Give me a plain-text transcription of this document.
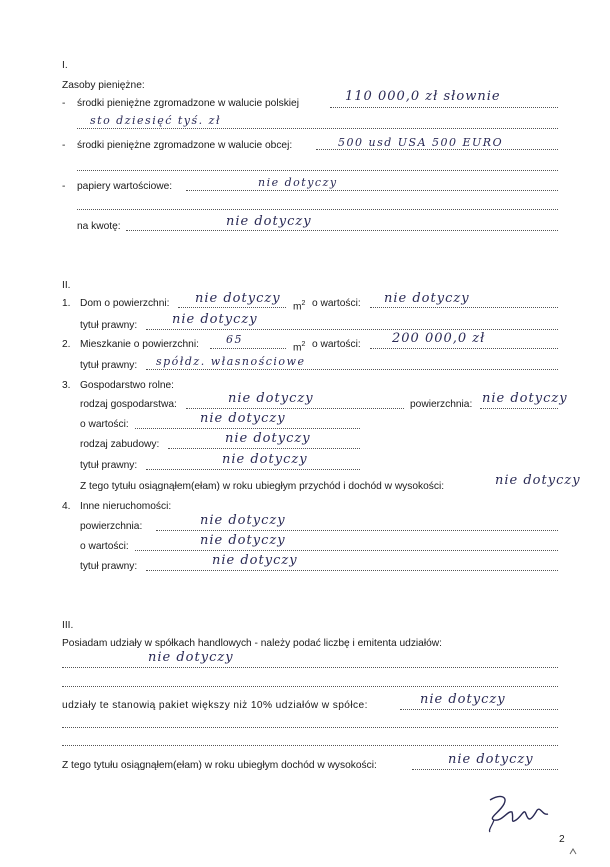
I.
Zasoby pieniężne:
- środki pieniężne zgromadzone w walucie polskiej	110 000,0 zł słownie
sto dziesięć tyś. zł
- środki pieniężne zgromadzone w walucie obcej:	500 usd USA 500 EURO
- papiery wartościowe:	nie dotyczy
na kwotę:	nie dotyczy
II.
1. Dom o powierzchni: nie dotyczy
$m^2$ o wartości: nie dotyczy
tytuł prawny:	nie dotyczy
2. Mieszkanie o powierzchni: 65
$m^2$ o wartości: 200 000,0 zł
tytuł prawny: spółdz. własnościowe
3. Gospodarstwo rolne:
rodzaj gospodarstwa:	nie dotyczy	powierzchnia: nie dotyczy
o wartości:	nie dotyczy
rodzaj zabudowy:	nie dotyczy
tytuł prawny:	nie dotyczy
Z tego tytułu osiągnąłem(ełam) w roku ubiegłym przychód i dochód w wysokości:	nie dotyczy
4. Inne nieruchomości:
powierzchnia:	nie dotyczy
o wartości:	nie dotyczy
tytuł prawny:	nie dotyczy
III.
Posiadam udziały w spółkach handlowych - należy podać liczbę i emitenta udziałów:
nie dotyczy
udziały te stanowią pakiet większy niż 10% udziałów w spółce:	nie dotyczy
Z tego tytułu osiągnąłem(ełam) w roku ubiegłym dochód w wysokości:	nie dotyczy
2
